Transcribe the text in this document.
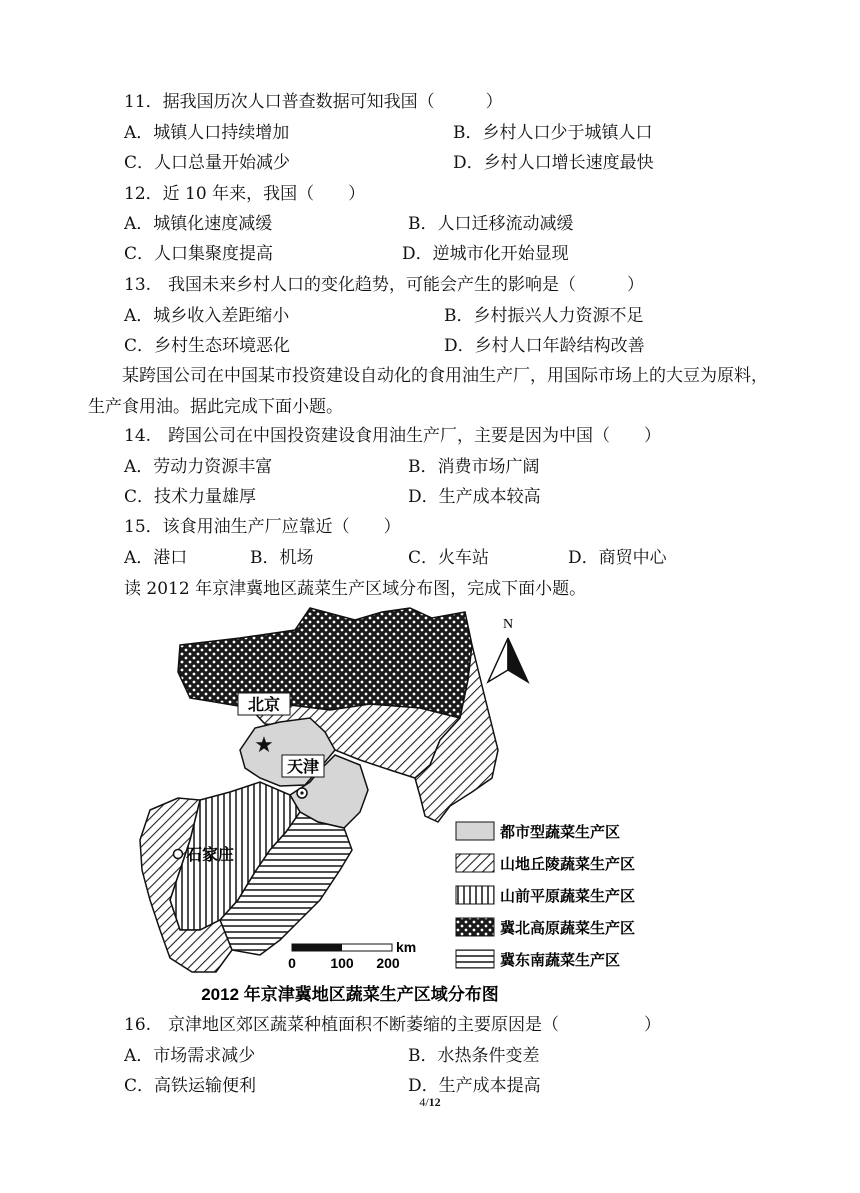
11．据我国历次人口普查数据可知我国（　　　）
A．城镇人口持续增加	B．乡村人口少于城镇人口
C．人口总量开始减少	D．乡村人口增长速度最快
12．近 10 年来，我国（　　）
A．城镇化速度减缓	B．人口迁移流动减缓
C．人口集聚度提高	D．逆城市化开始显现
13.　我国未来乡村人口的变化趋势，可能会产生的影响是（　　　）
A．城乡收入差距缩小	B．乡村振兴人力资源不足
C．乡村生态环境恶化	D．乡村人口年龄结构改善
某跨国公司在中国某市投资建设自动化的食用油生产厂，用国际市场上的大豆为原料，生产食用油。据此完成下面小题。
14.　跨国公司在中国投资建设食用油生产厂，主要是因为中国（　　）
A．劳动力资源丰富	B．消费市场广阔
C．技术力量雄厚	D．生产成本较高
15．该食用油生产厂应靠近（　　）
A．港口	B．机场	C．火车站	D．商贸中心
读 2012 年京津冀地区蔬菜生产区域分布图，完成下面小题。
北京
★
天津
石家庄
N
都市型蔬菜生产区
山地丘陵蔬菜生产区
山前平原蔬菜生产区
冀北高原蔬菜生产区
冀东南蔬菜生产区
km
0 100 200
2012 年京津冀地区蔬菜生产区域分布图
16.　京津地区郊区蔬菜种植面积不断萎缩的主要原因是（　　　　　）
A．市场需求减少	B．水热条件变差
C．高铁运输便利	D．生产成本提高
4/12
